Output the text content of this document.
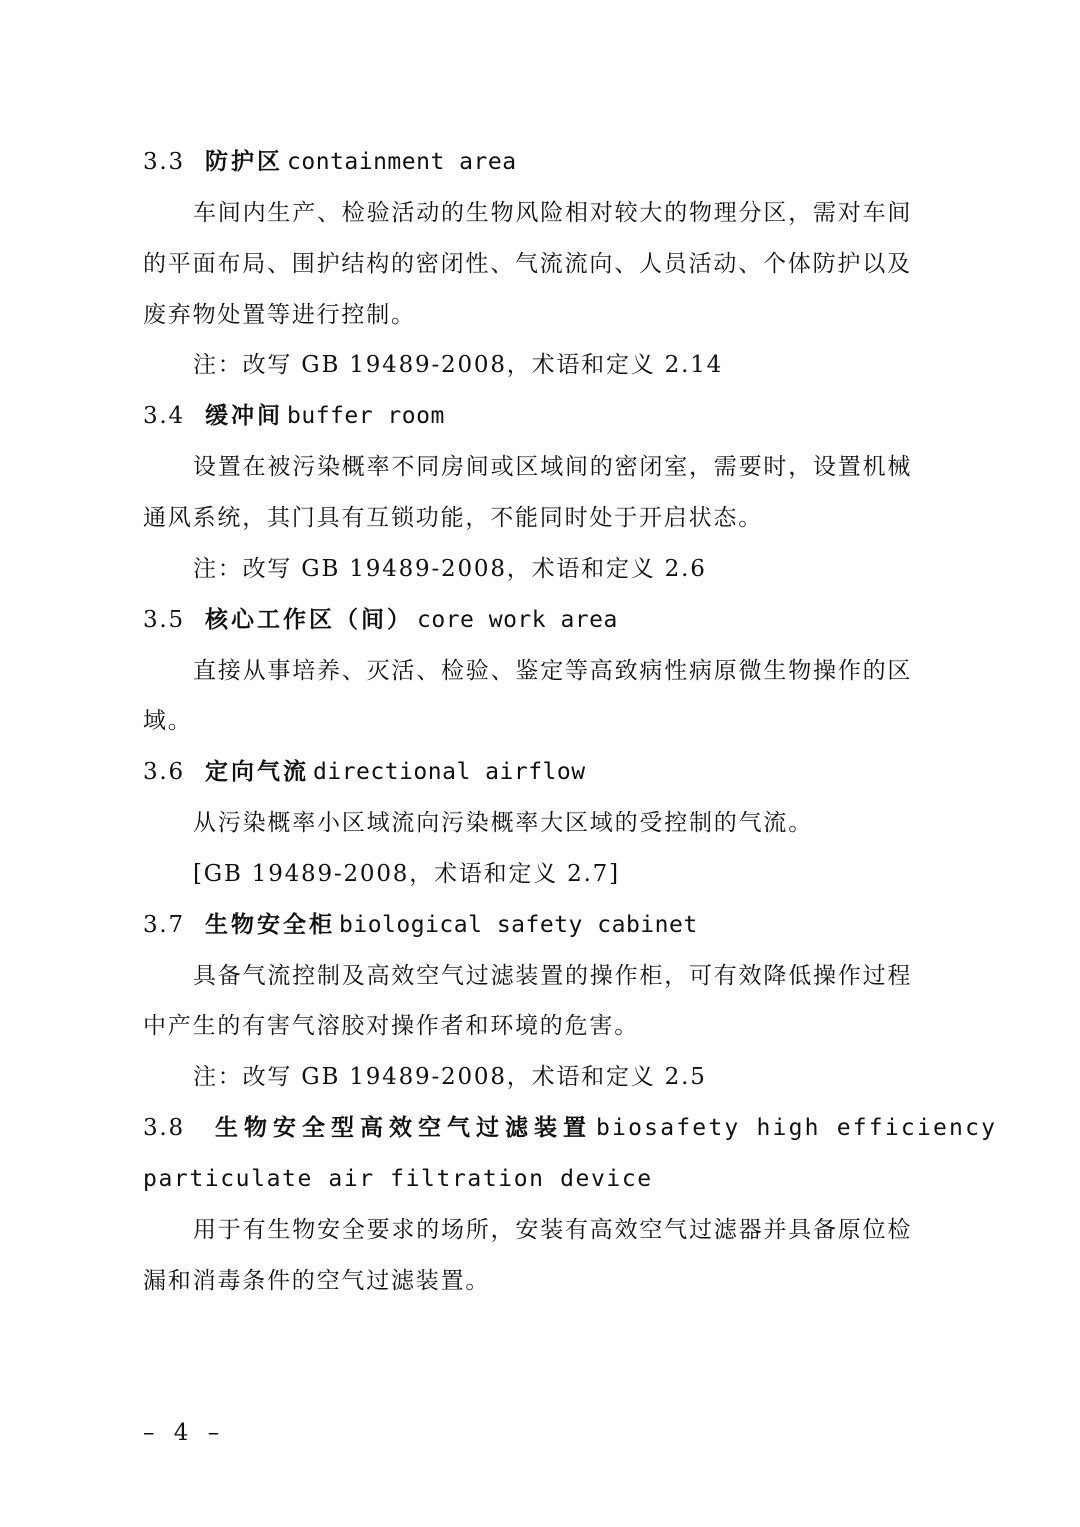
3.3 防护区 containment area
车间内生产、检验活动的生物风险相对较大的物理分区，需对车间
的平面布局、围护结构的密闭性、气流流向、人员活动、个体防护以及
废弃物处置等进行控制。
注：改写 GB 19489-2008，术语和定义 2.14
3.4 缓冲间 buffer room
设置在被污染概率不同房间或区域间的密闭室，需要时，设置机械
通风系统，其门具有互锁功能，不能同时处于开启状态。
注：改写 GB 19489-2008，术语和定义 2.6
3.5 核心工作区（间） core work area
直接从事培养、灭活、检验、鉴定等高致病性病原微生物操作的区
域。
3.6 定向气流 directional airflow
从污染概率小区域流向污染概率大区域的受控制的气流。
[GB 19489-2008，术语和定义 2.7]
3.7 生物安全柜 biological safety cabinet
具备气流控制及高效空气过滤装置的操作柜，可有效降低操作过程
中产生的有害气溶胶对操作者和环境的危害。
注：改写 GB 19489-2008，术语和定义 2.5
3.8 生物安全型高效空气过滤装置 biosafety high efficiency
particulate air filtration device
用于有生物安全要求的场所，安装有高效空气过滤器并具备原位检
漏和消毒条件的空气过滤装置。
– 4 –
